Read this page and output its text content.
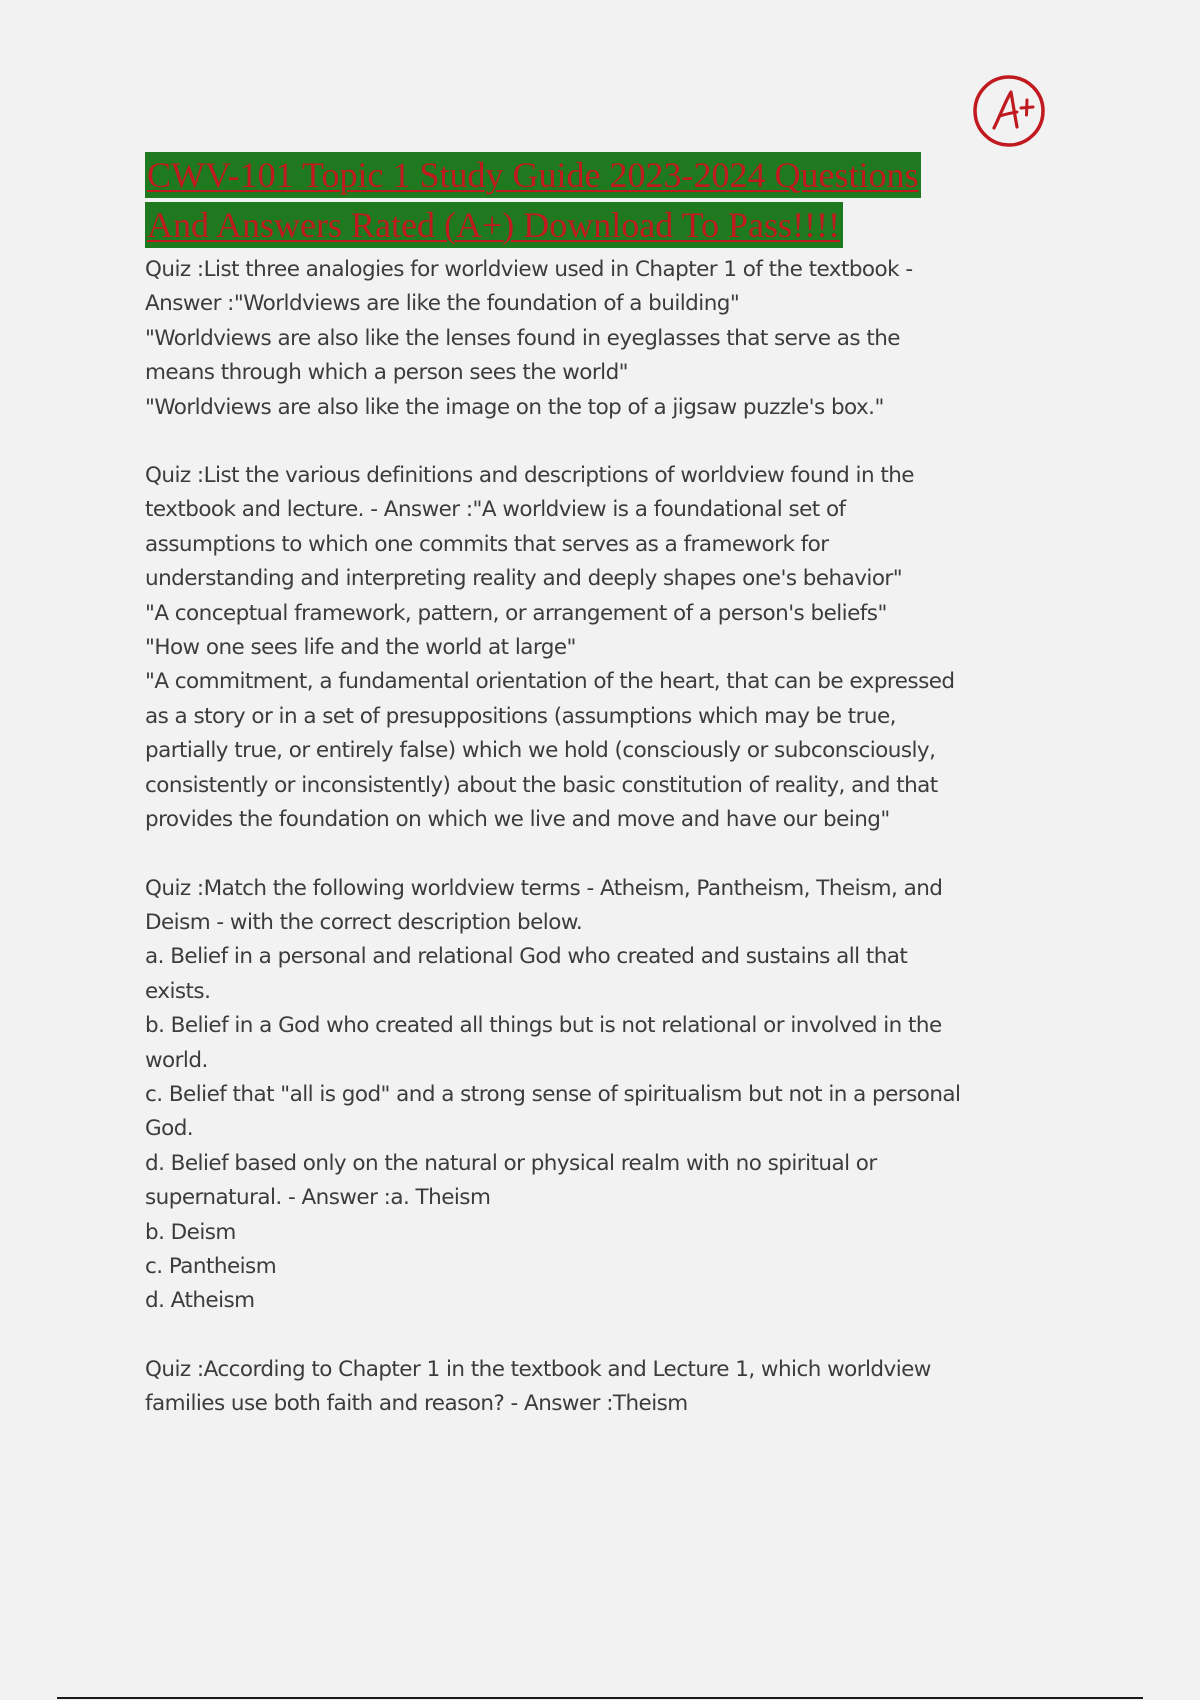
CWV-101 Topic 1 Study Guide 2023-2024 Questions
And Answers Rated (A+) Download To Pass!!!!
Quiz :List three analogies for worldview used in Chapter 1 of the textbook -
Answer :"Worldviews are like the foundation of a building"
"Worldviews are also like the lenses found in eyeglasses that serve as the
means through which a person sees the world"
"Worldviews are also like the image on the top of a jigsaw puzzle's box."
Quiz :List the various definitions and descriptions of worldview found in the
textbook and lecture. - Answer :"A worldview is a foundational set of
assumptions to which one commits that serves as a framework for
understanding and interpreting reality and deeply shapes one's behavior"
"A conceptual framework, pattern, or arrangement of a person's beliefs"
"How one sees life and the world at large"
"A commitment, a fundamental orientation of the heart, that can be expressed
as a story or in a set of presuppositions (assumptions which may be true,
partially true, or entirely false) which we hold (consciously or subconsciously,
consistently or inconsistently) about the basic constitution of reality, and that
provides the foundation on which we live and move and have our being"
Quiz :Match the following worldview terms - Atheism, Pantheism, Theism, and
Deism - with the correct description below.
a. Belief in a personal and relational God who created and sustains all that
exists.
b. Belief in a God who created all things but is not relational or involved in the
world.
c. Belief that "all is god" and a strong sense of spiritualism but not in a personal
God.
d. Belief based only on the natural or physical realm with no spiritual or
supernatural. - Answer :a. Theism
b. Deism
c. Pantheism
d. Atheism
Quiz :According to Chapter 1 in the textbook and Lecture 1, which worldview
families use both faith and reason? - Answer :Theism
